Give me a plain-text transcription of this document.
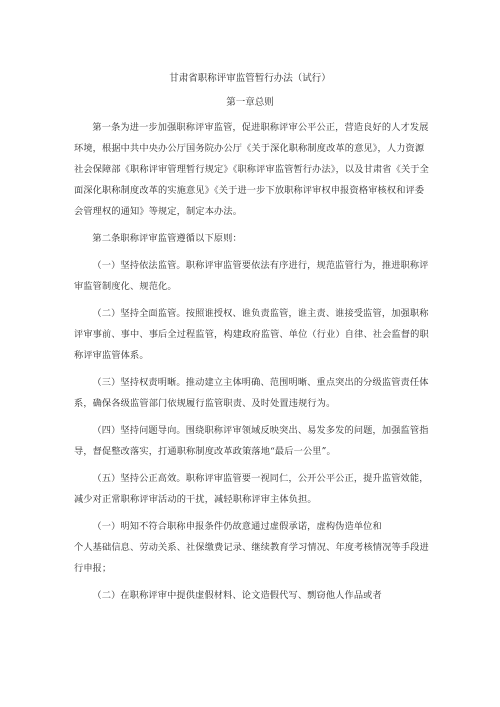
甘肃省职称评审监管暂行办法（试行）
第一章总则

第一条为进一步加强职称评审监管，促进职称评审公平公正，营造良好的人才发展环境，根据中共中央办公厅国务院办公厅《关于深化职称制度改革的意见》，人力资源社会保障部《职称评审管理暂行规定》《职称评审监管暂行办法》，以及甘肃省《关于全面深化职称制度改革的实施意见》《关于进一步下放职称评审权申报资格审核权和评委会管理权的通知》等规定，制定本办法。

第二条职称评审监管遵循以下原则：

（一）坚持依法监管。职称评审监管要依法有序进行，规范监管行为，推进职称评审监管制度化、规范化。

（二）坚持全面监管。按照谁授权、谁负责监管，谁主责、谁接受监管，加强职称评审事前、事中、事后全过程监管，构建政府监管、单位（行业）自律、社会监督的职称评审监管体系。

（三）坚持权责明晰。推动建立主体明确、范围明晰、重点突出的分级监管责任体系，确保各级监管部门依规履行监管职责、及时处置违规行为。

（四）坚持问题导向。围绕职称评审领域反映突出、易发多发的问题，加强监管指导，督促整改落实，打通职称制度改革政策落地“最后一公里”。

（五）坚持公正高效。职称评审监管要一视同仁，公开公平公正，提升监管效能，减少对正常职称评审活动的干扰，减轻职称评审主体负担。

（一）明知不符合职称申报条件仍故意通过虚假承诺，虚构伪造单位和

个人基础信息、劳动关系、社保缴费记录、继续教育学习情况、年度考核情况等手段进行申报；

（二）在职称评审中提供虚假材料、论文造假代写、剽窃他人作品或者
